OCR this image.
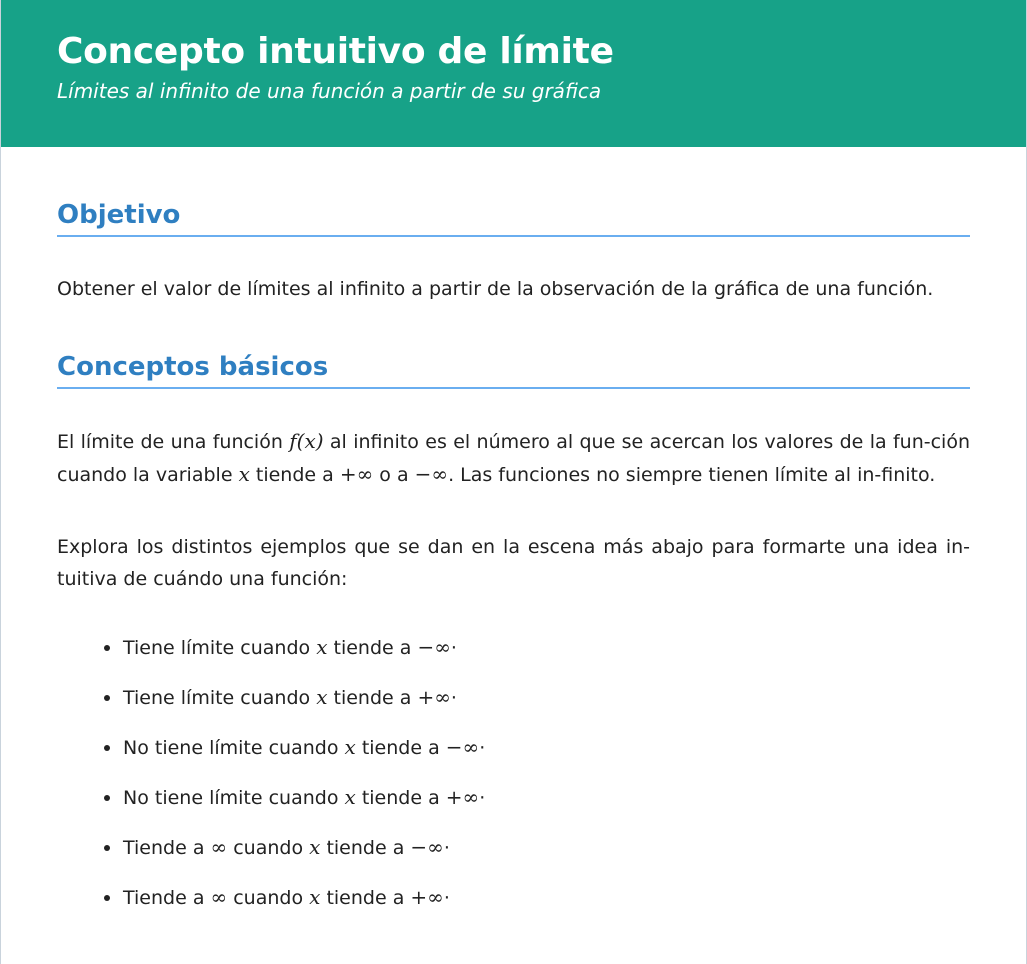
Concepto intuitivo de límite

Límites al infinito de una función a partir de su gráfica

Objetivo

Obtener el valor de límites al infinito a partir de la observación de la gráfica de una función.

Conceptos básicos

El límite de una función f(x) al infinito es el número al que se acercan los valores de la fun-ción cuando la variable x tiende a +∞ o a −∞. Las funciones no siempre tienen límite al in-finito.

Explora los distintos ejemplos que se dan en la escena más abajo para formarte una idea in-tuitiva de cuándo una función:

Tiene límite cuando x tiende a −∞·
Tiene límite cuando x tiende a +∞·
No tiene límite cuando x tiende a −∞·
No tiene límite cuando x tiende a +∞·
Tiende a ∞ cuando x tiende a −∞·
Tiende a ∞ cuando x tiende a +∞·
